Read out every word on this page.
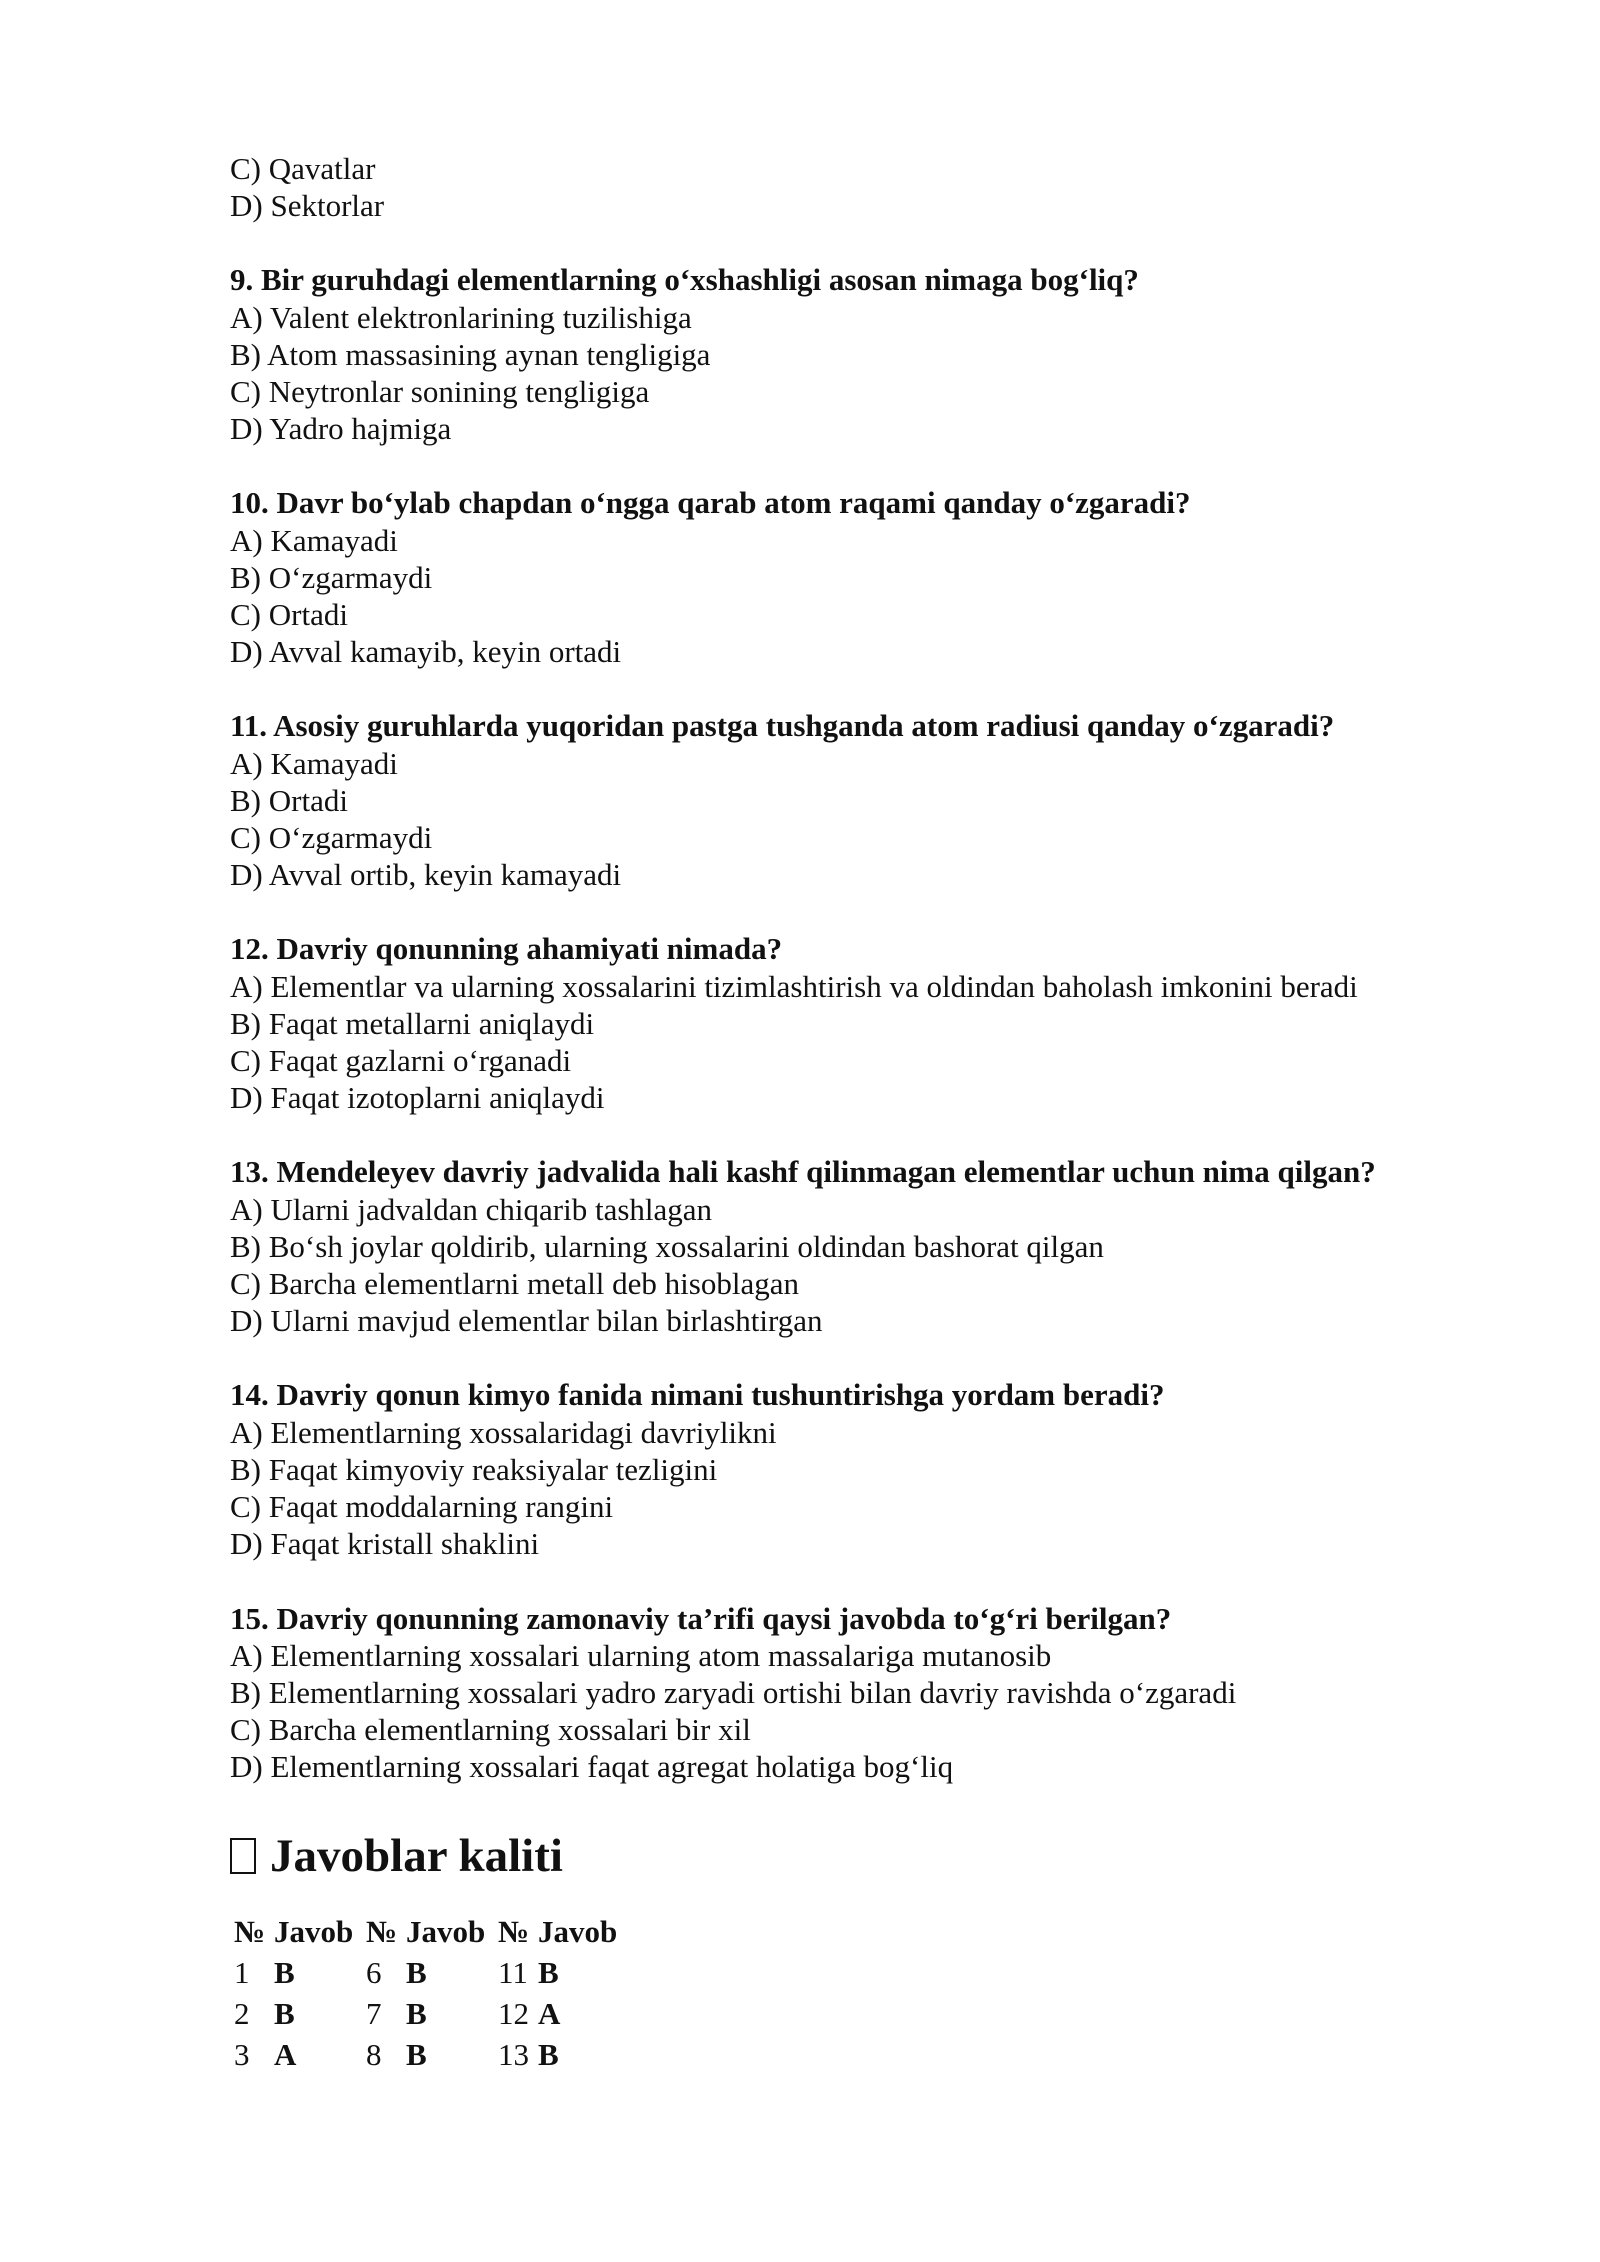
C) Qavatlar
D) Sektorlar
9. Bir guruhdagi elementlarning o‘xshashligi asosan nimaga bog‘liq?
A) Valent elektronlarining tuzilishiga
B) Atom massasining aynan tengligiga
C) Neytronlar sonining tengligiga
D) Yadro hajmiga
10. Davr bo‘ylab chapdan o‘ngga qarab atom raqami qanday o‘zgaradi?
A) Kamayadi
B) O‘zgarmaydi
C) Ortadi
D) Avval kamayib, keyin ortadi
11. Asosiy guruhlarda yuqoridan pastga tushganda atom radiusi qanday o‘zgaradi?
A) Kamayadi
B) Ortadi
C) O‘zgarmaydi
D) Avval ortib, keyin kamayadi
12. Davriy qonunning ahamiyati nimada?
A) Elementlar va ularning xossalarini tizimlashtirish va oldindan baholash imkonini beradi
B) Faqat metallarni aniqlaydi
C) Faqat gazlarni o‘rganadi
D) Faqat izotoplarni aniqlaydi
13. Mendeleyev davriy jadvalida hali kashf qilinmagan elementlar uchun nima qilgan?
A) Ularni jadvaldan chiqarib tashlagan
B) Bo‘sh joylar qoldirib, ularning xossalarini oldindan bashorat qilgan
C) Barcha elementlarni metall deb hisoblagan
D) Ularni mavjud elementlar bilan birlashtirgan
14. Davriy qonun kimyo fanida nimani tushuntirishga yordam beradi?
A) Elementlarning xossalaridagi davriylikni
B) Faqat kimyoviy reaksiyalar tezligini
C) Faqat moddalarning rangini
D) Faqat kristall shaklini
15. Davriy qonunning zamonaviy ta’rifi qaysi javobda to‘g‘ri berilgan?
A) Elementlarning xossalari ularning atom massalariga mutanosib
B) Elementlarning xossalari yadro zaryadi ortishi bilan davriy ravishda o‘zgaradi
C) Barcha elementlarning xossalari bir xil
D) Elementlarning xossalari faqat agregat holatiga bog‘liq
Javoblar kaliti
№	Javob	№	Javob	№	Javob
1	B	6	B	11	B
2	B	7	B	12	A
3	A	8	B	13	B
